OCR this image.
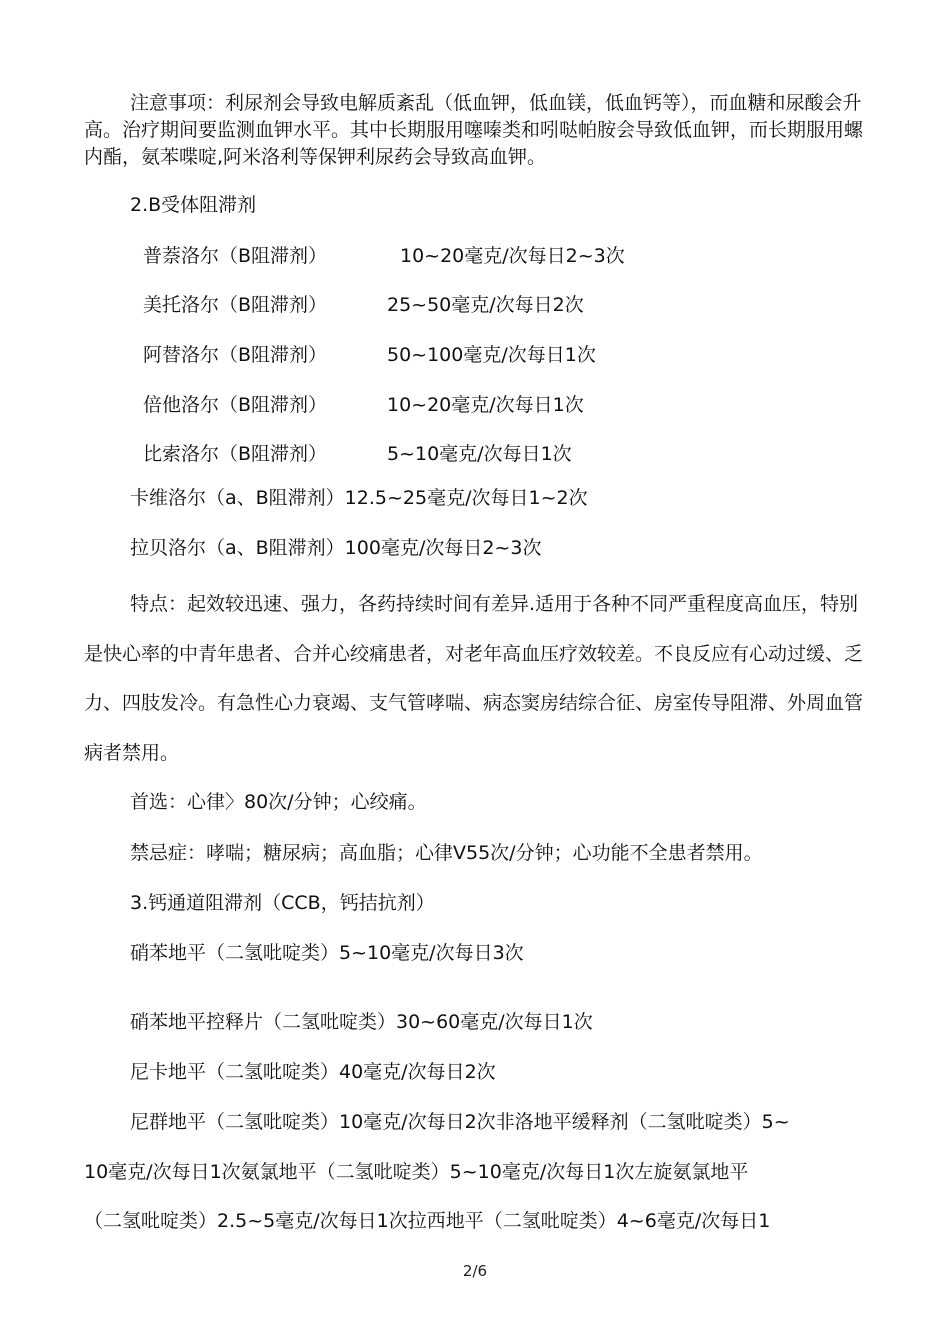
注意事项：利尿剂会导致电解质紊乱（低血钾，低血镁，低血钙等），而血糖和尿酸会升高。治疗期间要监测血钾水平。其中长期服用噻嗪类和吲哒帕胺会导致低血钾，而长期服用螺内酯，氨苯喋啶,阿米洛利等保钾利尿药会导致高血钾。
2.B受体阻滞剂
普萘洛尔（B阻滞剂）	10~20毫克/次每日2~3次
美托洛尔（B阻滞剂）	25~50毫克/次每日2次
阿替洛尔（B阻滞剂）	50~100毫克/次每日1次
倍他洛尔（B阻滞剂）	10~20毫克/次每日1次
比索洛尔（B阻滞剂）	5~10毫克/次每日1次
卡维洛尔（a、B阻滞剂）12.5~25毫克/次每日1~2次
拉贝洛尔（a、B阻滞剂）100毫克/次每日2~3次
特点：起效较迅速、强力，各药持续时间有差异.适用于各种不同严重程度高血压，特别是快心率的中青年患者、合并心绞痛患者，对老年高血压疗效较差。不良反应有心动过缓、乏力、四肢发冷。有急性心力衰竭、支气管哮喘、病态窦房结综合征、房室传导阻滞、外周血管病者禁用。
首选：心律〉80次/分钟；心绞痛。
禁忌症：哮喘；糖尿病；高血脂；心律V55次/分钟；心功能不全患者禁用。
3.钙通道阻滞剂（CCB，钙拮抗剂）
硝苯地平（二氢吡啶类）5~10毫克/次每日3次
硝苯地平控释片（二氢吡啶类）30~60毫克/次每日1次
尼卡地平（二氢吡啶类）40毫克/次每日2次
尼群地平（二氢吡啶类）10毫克/次每日2次非洛地平缓释剂（二氢吡啶类）5~
10毫克/次每日1次氨氯地平（二氢吡啶类）5~10毫克/次每日1次左旋氨氯地平
（二氢吡啶类）2.5~5毫克/次每日1次拉西地平（二氢吡啶类）4~6毫克/次每日1
2/6
